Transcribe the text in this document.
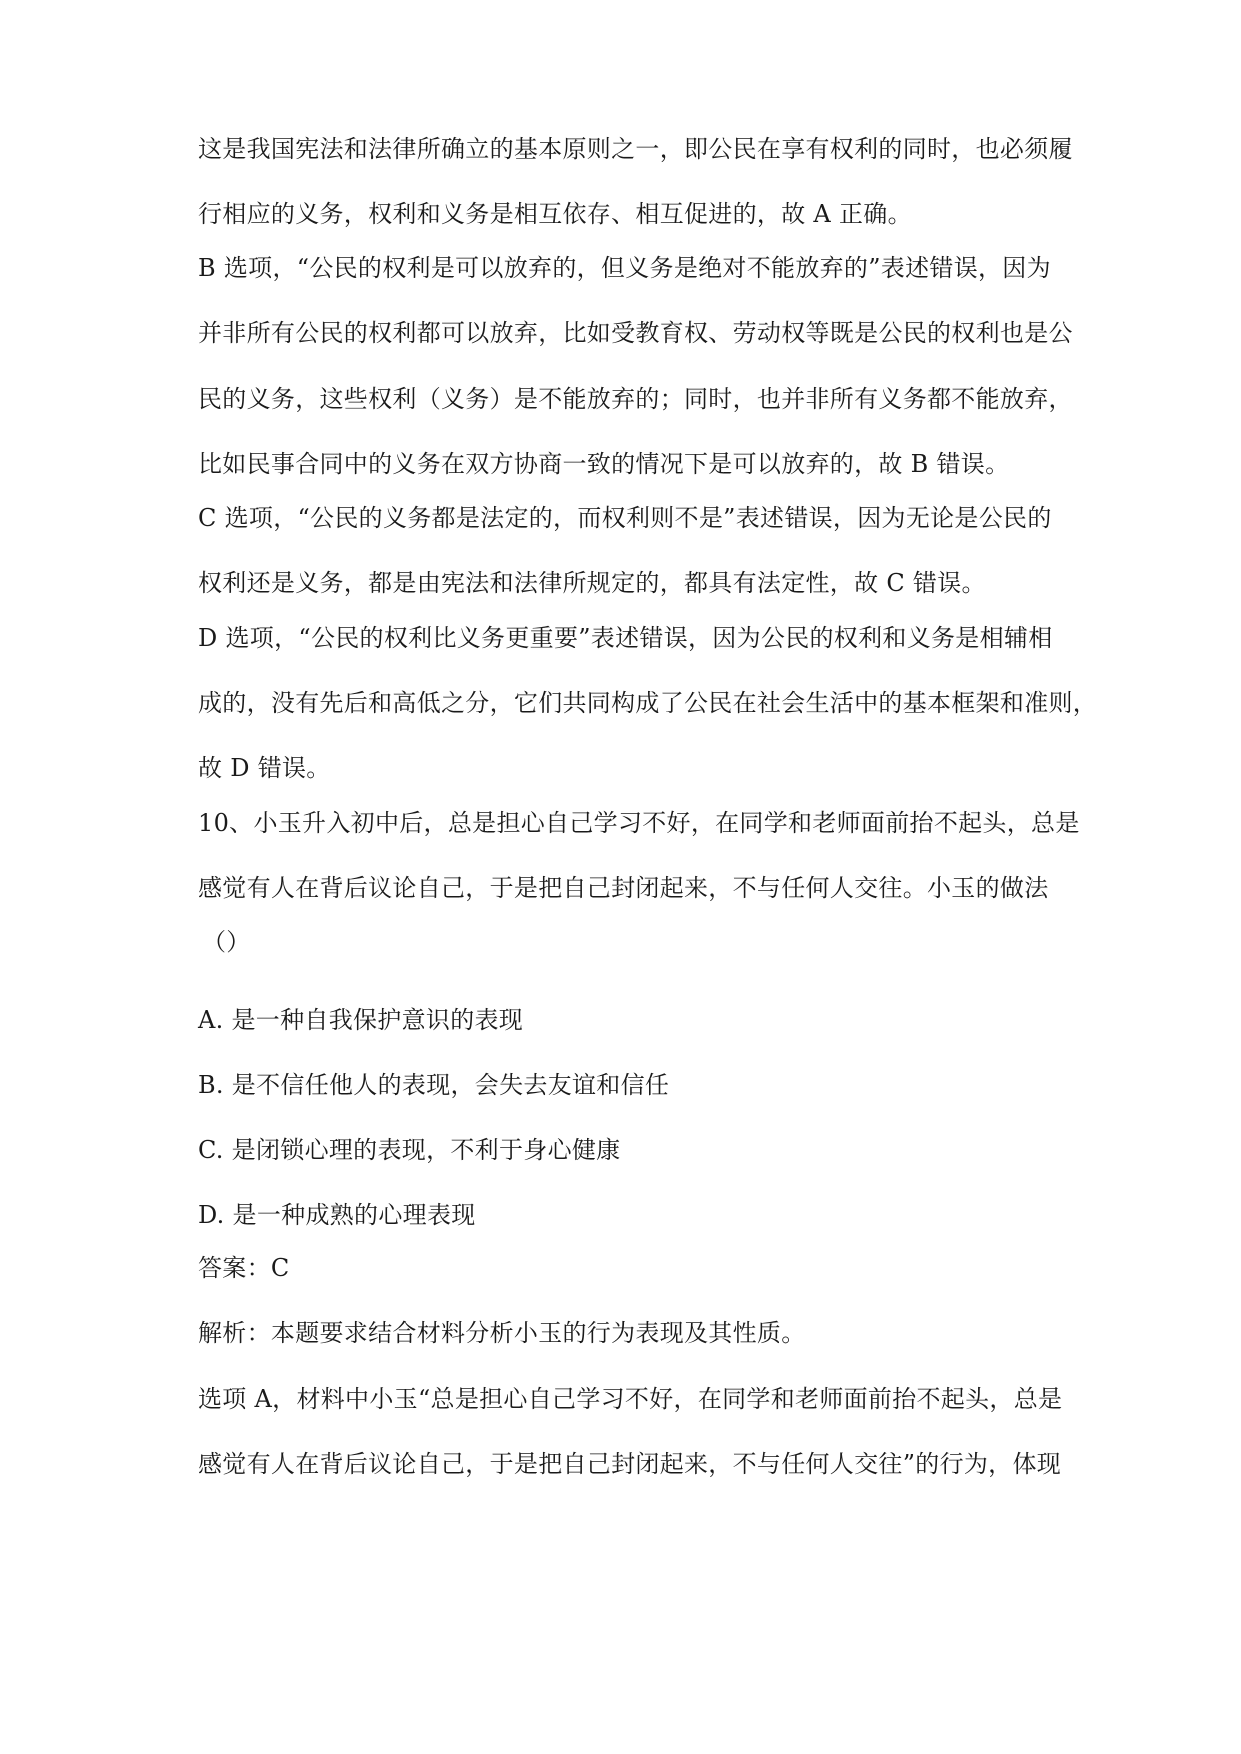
这是我国宪法和法律所确立的基本原则之一，即公民在享有权利的同时，也必须履
行相应的义务，权利和义务是相互依存、相互促进的，故 A 正确。
B 选项，“公民的权利是可以放弃的，但义务是绝对不能放弃的”表述错误，因为
并非所有公民的权利都可以放弃，比如受教育权、劳动权等既是公民的权利也是公
民的义务，这些权利（义务）是不能放弃的；同时，也并非所有义务都不能放弃，
比如民事合同中的义务在双方协商一致的情况下是可以放弃的，故 B 错误。
C 选项，“公民的义务都是法定的，而权利则不是”表述错误，因为无论是公民的
权利还是义务，都是由宪法和法律所规定的，都具有法定性，故 C 错误。
D 选项，“公民的权利比义务更重要”表述错误，因为公民的权利和义务是相辅相
成的，没有先后和高低之分，它们共同构成了公民在社会生活中的基本框架和准则，
故 D 错误。
10、小玉升入初中后，总是担心自己学习不好，在同学和老师面前抬不起头，总是
感觉有人在背后议论自己，于是把自己封闭起来，不与任何人交往。小玉的做法
（）
A. 是一种自我保护意识的表现
B. 是不信任他人的表现，会失去友谊和信任
C. 是闭锁心理的表现，不利于身心健康
D. 是一种成熟的心理表现
答案：C
解析：本题要求结合材料分析小玉的行为表现及其性质。
选项 A，材料中小玉“总是担心自己学习不好，在同学和老师面前抬不起头，总是
感觉有人在背后议论自己，于是把自己封闭起来，不与任何人交往”的行为，体现
